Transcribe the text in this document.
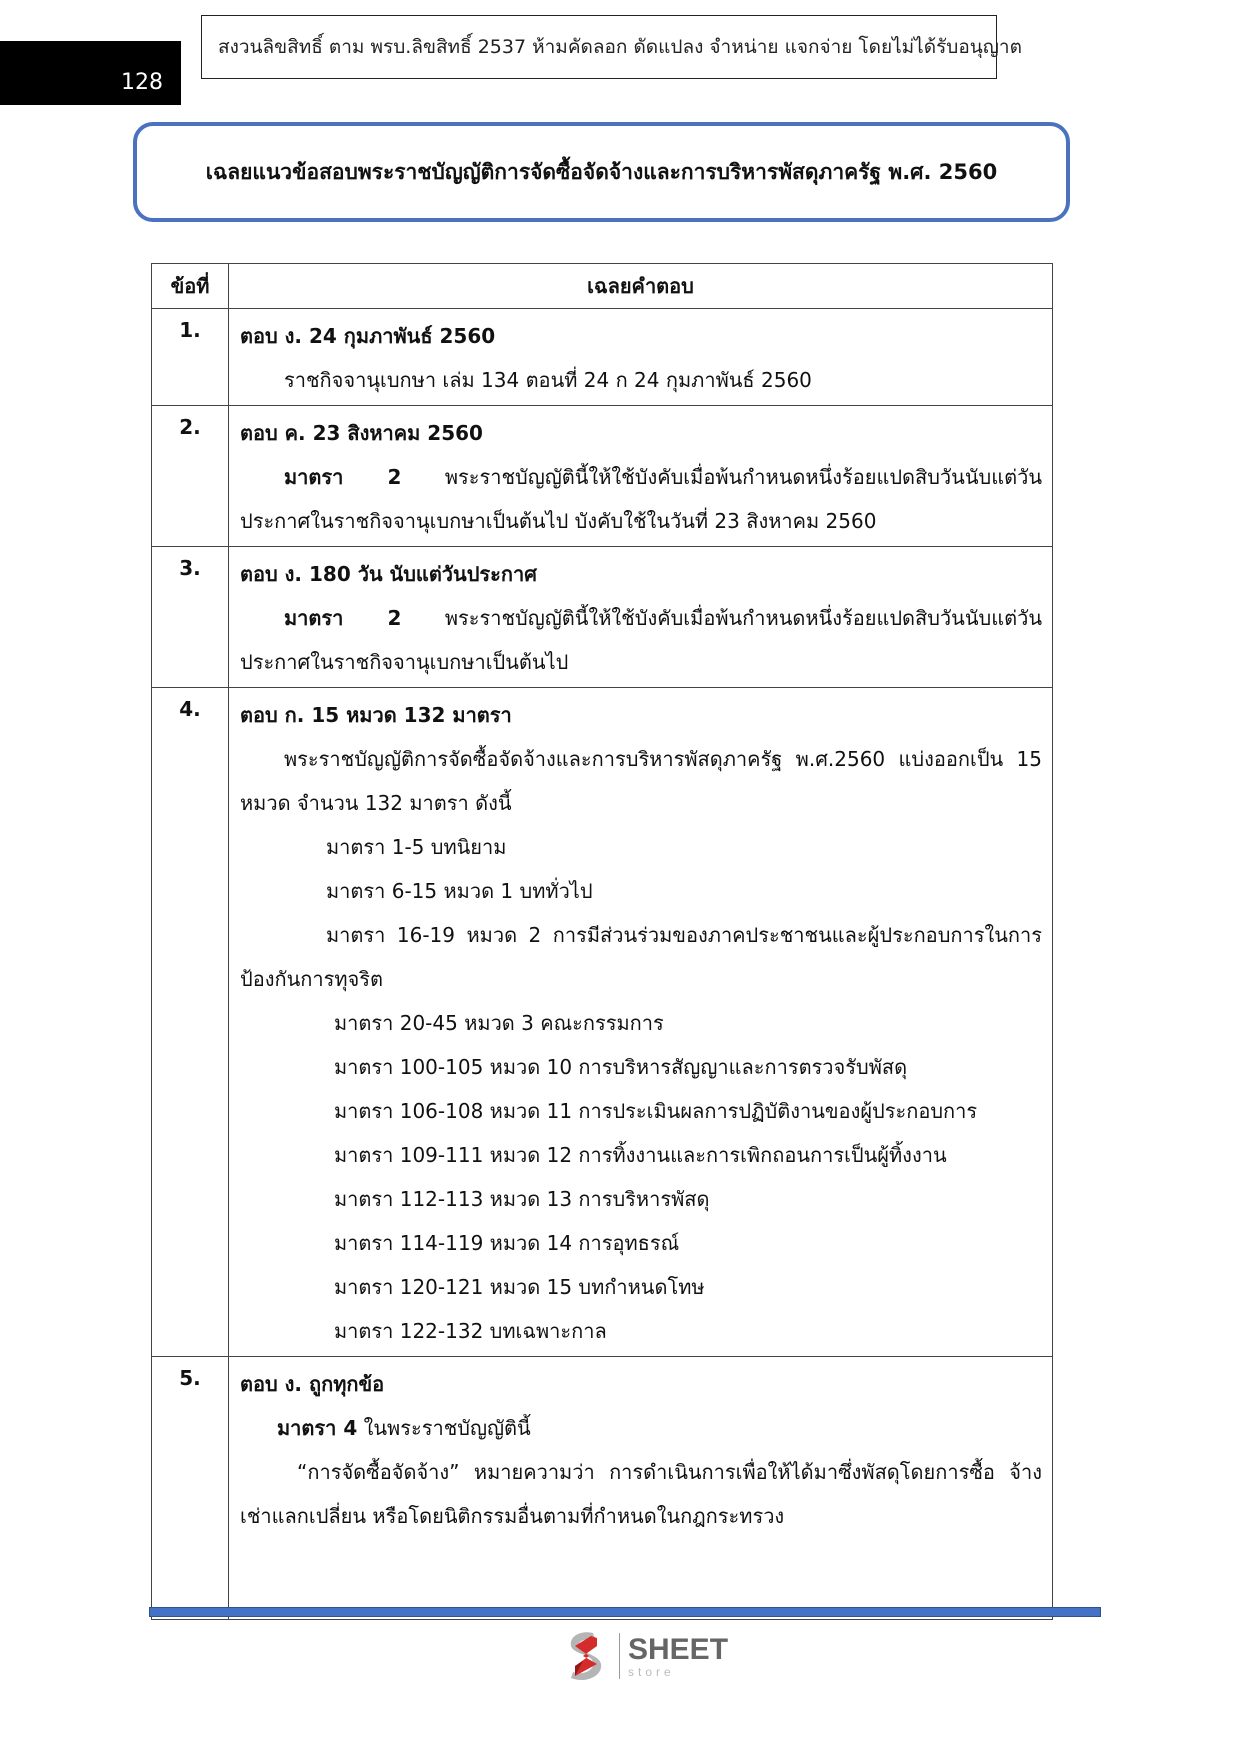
128
สงวนลิขสิทธิ์ ตาม พรบ.ลิขสิทธิ์ 2537 ห้ามคัดลอก ดัดแปลง จำหน่าย แจกจ่าย โดยไม่ได้รับอนุญาต
เฉลยแนวข้อสอบพระราชบัญญัติการจัดซื้อจัดจ้างและการบริหารพัสดุภาครัฐ พ.ศ. 2560
ข้อที่	เฉลยคำตอบ
1.	ตอบ ง. 24 กุมภาพันธ์ 2560
ราชกิจจานุเบกษา เล่ม 134 ตอนที่ 24 ก 24 กุมภาพันธ์ 2560

2.	ตอบ ค. 23 สิงหาคม 2560
มาตรา 2 พระราชบัญญัตินี้ให้ใช้บังคับเมื่อพ้นกำหนดหนึ่งร้อยแปดสิบวันนับแต่วัน
ประกาศในราชกิจจานุเบกษาเป็นต้นไป บังคับใช้ในวันที่ 23 สิงหาคม 2560

3.	ตอบ ง. 180 วัน นับแต่วันประกาศ
มาตรา 2 พระราชบัญญัตินี้ให้ใช้บังคับเมื่อพ้นกำหนดหนึ่งร้อยแปดสิบวันนับแต่วัน
ประกาศในราชกิจจานุเบกษาเป็นต้นไป

4.	ตอบ ก. 15 หมวด 132 มาตรา
พระราชบัญญัติการจัดซื้อจัดจ้างและการบริหารพัสดุภาครัฐ พ.ศ.2560 แบ่งออกเป็น 15 หมวด จำนวน 132 มาตรา ดังนี้
มาตรา 1-5 บทนิยาม
มาตรา 6-15 หมวด 1 บททั่วไป
มาตรา 16-19 หมวด 2 การมีส่วนร่วมของภาคประชาชนและผู้ประกอบการในการ
ป้องกันการทุจริต
มาตรา 20-45 หมวด 3 คณะกรรมการ
มาตรา 100-105 หมวด 10 การบริหารสัญญาและการตรวจรับพัสดุ
มาตรา 106-108 หมวด 11 การประเมินผลการปฏิบัติงานของผู้ประกอบการ
มาตรา 109-111 หมวด 12 การทิ้งงานและการเพิกถอนการเป็นผู้ทิ้งงาน
มาตรา 112-113 หมวด 13 การบริหารพัสดุ
มาตรา 114-119 หมวด 14 การอุทธรณ์
มาตรา 120-121 หมวด 15 บทกำหนดโทษ
มาตรา 122-132 บทเฉพาะกาล

5.	ตอบ ง. ถูกทุกข้อ
มาตรา 4 ในพระราชบัญญัตินี้
“การจัดซื้อจัดจ้าง” หมายความว่า การดำเนินการเพื่อให้ได้มาซึ่งพัสดุโดยการซื้อ จ้าง เช่าแลกเปลี่ยน หรือโดยนิติกรรมอื่นตามที่กำหนดในกฎกระทรวง
SHEET
store
